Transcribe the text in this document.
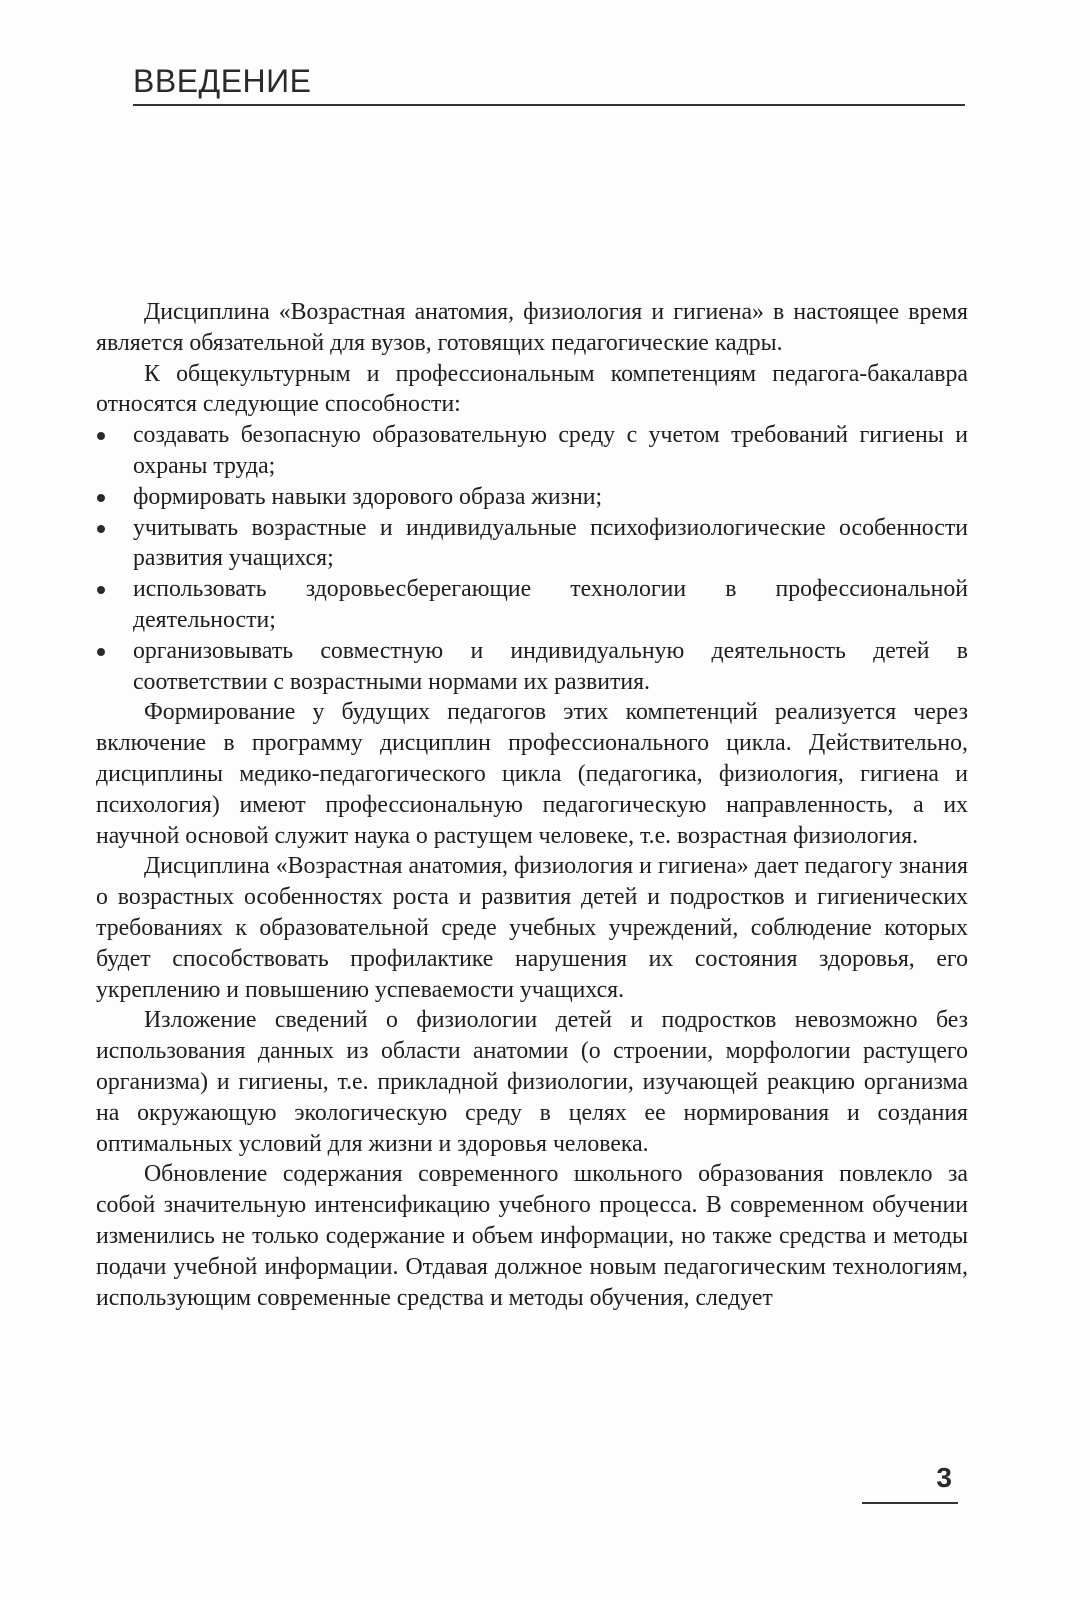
ВВЕДЕНИЕ

Дисциплина «Возрастная анатомия, физиология и гигиена» в настоящее время является обязательной для вузов, готовящих педагогические кадры.

К общекультурным и профессиональным компетенциям педагога-бакалавра относятся следующие способности:

создавать безопасную образовательную среду с учетом требований гигиены и охраны труда;
формировать навыки здорового образа жизни;
учитывать возрастные и индивидуальные психофизиологические особенности развития учащихся;
использовать здоровьесберегающие технологии в профессиональной деятельности;
организовывать совместную и индивидуальную деятельность детей в соответствии с возрастными нормами их развития.

Формирование у будущих педагогов этих компетенций реализуется через включение в программу дисциплин профессионального цикла. Действительно, дисциплины медико-педагогического цикла (педагогика, физиология, гигиена и психология) имеют профессиональную педагогическую направленность, а их научной основой служит наука о растущем человеке, т.е. возрастная физиология.

Дисциплина «Возрастная анатомия, физиология и гигиена» дает педагогу знания о возрастных особенностях роста и развития детей и подростков и гигиенических требованиях к образовательной среде учебных учреждений, соблюдение которых будет способствовать профилактике нарушения их состояния здоровья, его укреплению и повышению успеваемости учащихся.

Изложение сведений о физиологии детей и подростков невозможно без использования данных из области анатомии (о строении, морфологии растущего организма) и гигиены, т.е. прикладной физиологии, изучающей реакцию организма на окружающую экологическую среду в целях ее нормирования и создания оптимальных условий для жизни и здоровья человека.

Обновление содержания современного школьного образования повлекло за собой значительную интенсификацию учебного процесса. В современном обучении изменились не только содержание и объем информации, но также средства и методы подачи учебной информации. Отдавая должное новым педагогическим технологиям, использующим современные средства и методы обучения, следует

3
